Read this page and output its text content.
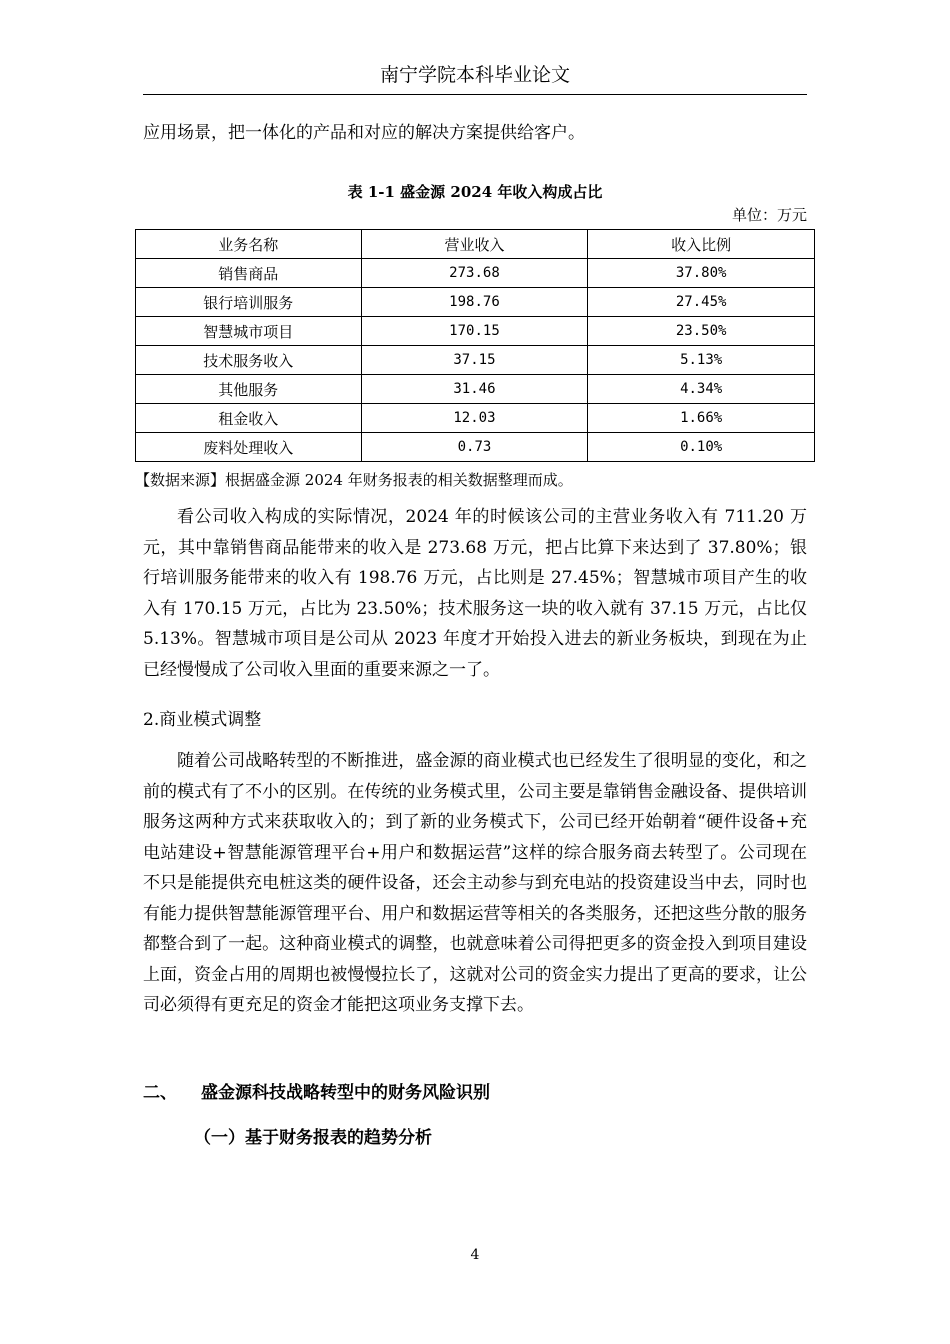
南宁学院本科毕业论文
应用场景，把一体化的产品和对应的解决方案提供给客户。
表 1-1 盛金源 2024 年收入构成占比
单位：万元
业务名称	营业收入	收入比例
销售商品	273.68	37.80%
银行培训服务	198.76	27.45%
智慧城市项目	170.15	23.50%
技术服务收入	37.15	5.13%
其他服务	31.46	4.34%
租金收入	12.03	1.66%
废料处理收入	0.73	0.10%
【数据来源】根据盛金源 2024 年财务报表的相关数据整理而成。
看公司收入构成的实际情况，2024 年的时候该公司的主营业务收入有 711.20 万元，其中靠销售商品能带来的收入是 273.68 万元，把占比算下来达到了 37.80%；银行培训服务能带来的收入有 198.76 万元，占比则是 27.45%；智慧城市项目产生的收入有 170.15 万元，占比为 23.50%；技术服务这一块的收入就有 37.15 万元，占比仅 5.13%。智慧城市项目是公司从 2023 年度才开始投入进去的新业务板块，到现在为止已经慢慢成了公司收入里面的重要来源之一了。
2.商业模式调整
随着公司战略转型的不断推进，盛金源的商业模式也已经发生了很明显的变化，和之前的模式有了不小的区别。在传统的业务模式里，公司主要是靠销售金融设备、提供培训服务这两种方式来获取收入的；到了新的业务模式下，公司已经开始朝着“硬件设备+充电站建设+智慧能源管理平台+用户和数据运营”这样的综合服务商去转型了。公司现在不只是能提供充电桩这类的硬件设备，还会主动参与到充电站的投资建设当中去，同时也有能力提供智慧能源管理平台、用户和数据运营等相关的各类服务，还把这些分散的服务都整合到了一起。这种商业模式的调整，也就意味着公司得把更多的资金投入到项目建设上面，资金占用的周期也被慢慢拉长了，这就对公司的资金实力提出了更高的要求，让公司必须得有更充足的资金才能把这项业务支撑下去。
二、 盛金源科技战略转型中的财务风险识别
（一）基于财务报表的趋势分析
4
